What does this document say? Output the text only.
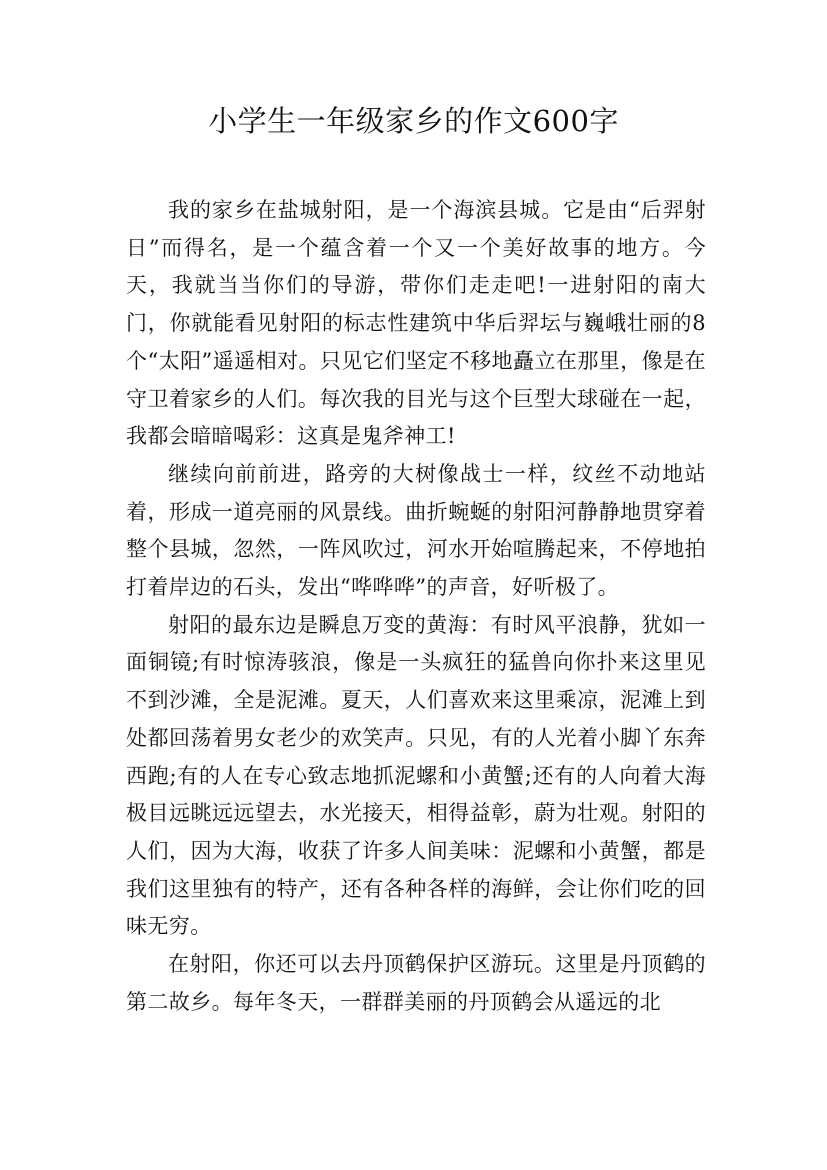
小学生一年级家乡的作文600字

我的家乡在盐城射阳，是一个海滨县城。它是由“后羿射日”而得名，是一个蕴含着一个又一个美好故事的地方。今天，我就当当你们的导游，带你们走走吧!一进射阳的南大门，你就能看见射阳的标志性建筑中华后羿坛与巍峨壮丽的8个“太阳”遥遥相对。只见它们坚定不移地矗立在那里，像是在守卫着家乡的人们。每次我的目光与这个巨型大球碰在一起，我都会暗暗喝彩：这真是鬼斧神工!

继续向前前进，路旁的大树像战士一样，纹丝不动地站着，形成一道亮丽的风景线。曲折蜿蜒的射阳河静静地贯穿着整个县城，忽然，一阵风吹过，河水开始喧腾起来，不停地拍打着岸边的石头，发出“哗哗哗”的声音，好听极了。

射阳的最东边是瞬息万变的黄海：有时风平浪静，犹如一面铜镜;有时惊涛骇浪，像是一头疯狂的猛兽向你扑来这里见不到沙滩，全是泥滩。夏天，人们喜欢来这里乘凉，泥滩上到处都回荡着男女老少的欢笑声。只见，有的人光着小脚丫东奔西跑;有的人在专心致志地抓泥螺和小黄蟹;还有的人向着大海极目远眺远远望去，水光接天，相得益彰，蔚为壮观。射阳的人们，因为大海，收获了许多人间美味：泥螺和小黄蟹，都是我们这里独有的特产，还有各种各样的海鲜，会让你们吃的回味无穷。

在射阳，你还可以去丹顶鹤保护区游玩。这里是丹顶鹤的第二故乡。每年冬天，一群群美丽的丹顶鹤会从遥远的北
